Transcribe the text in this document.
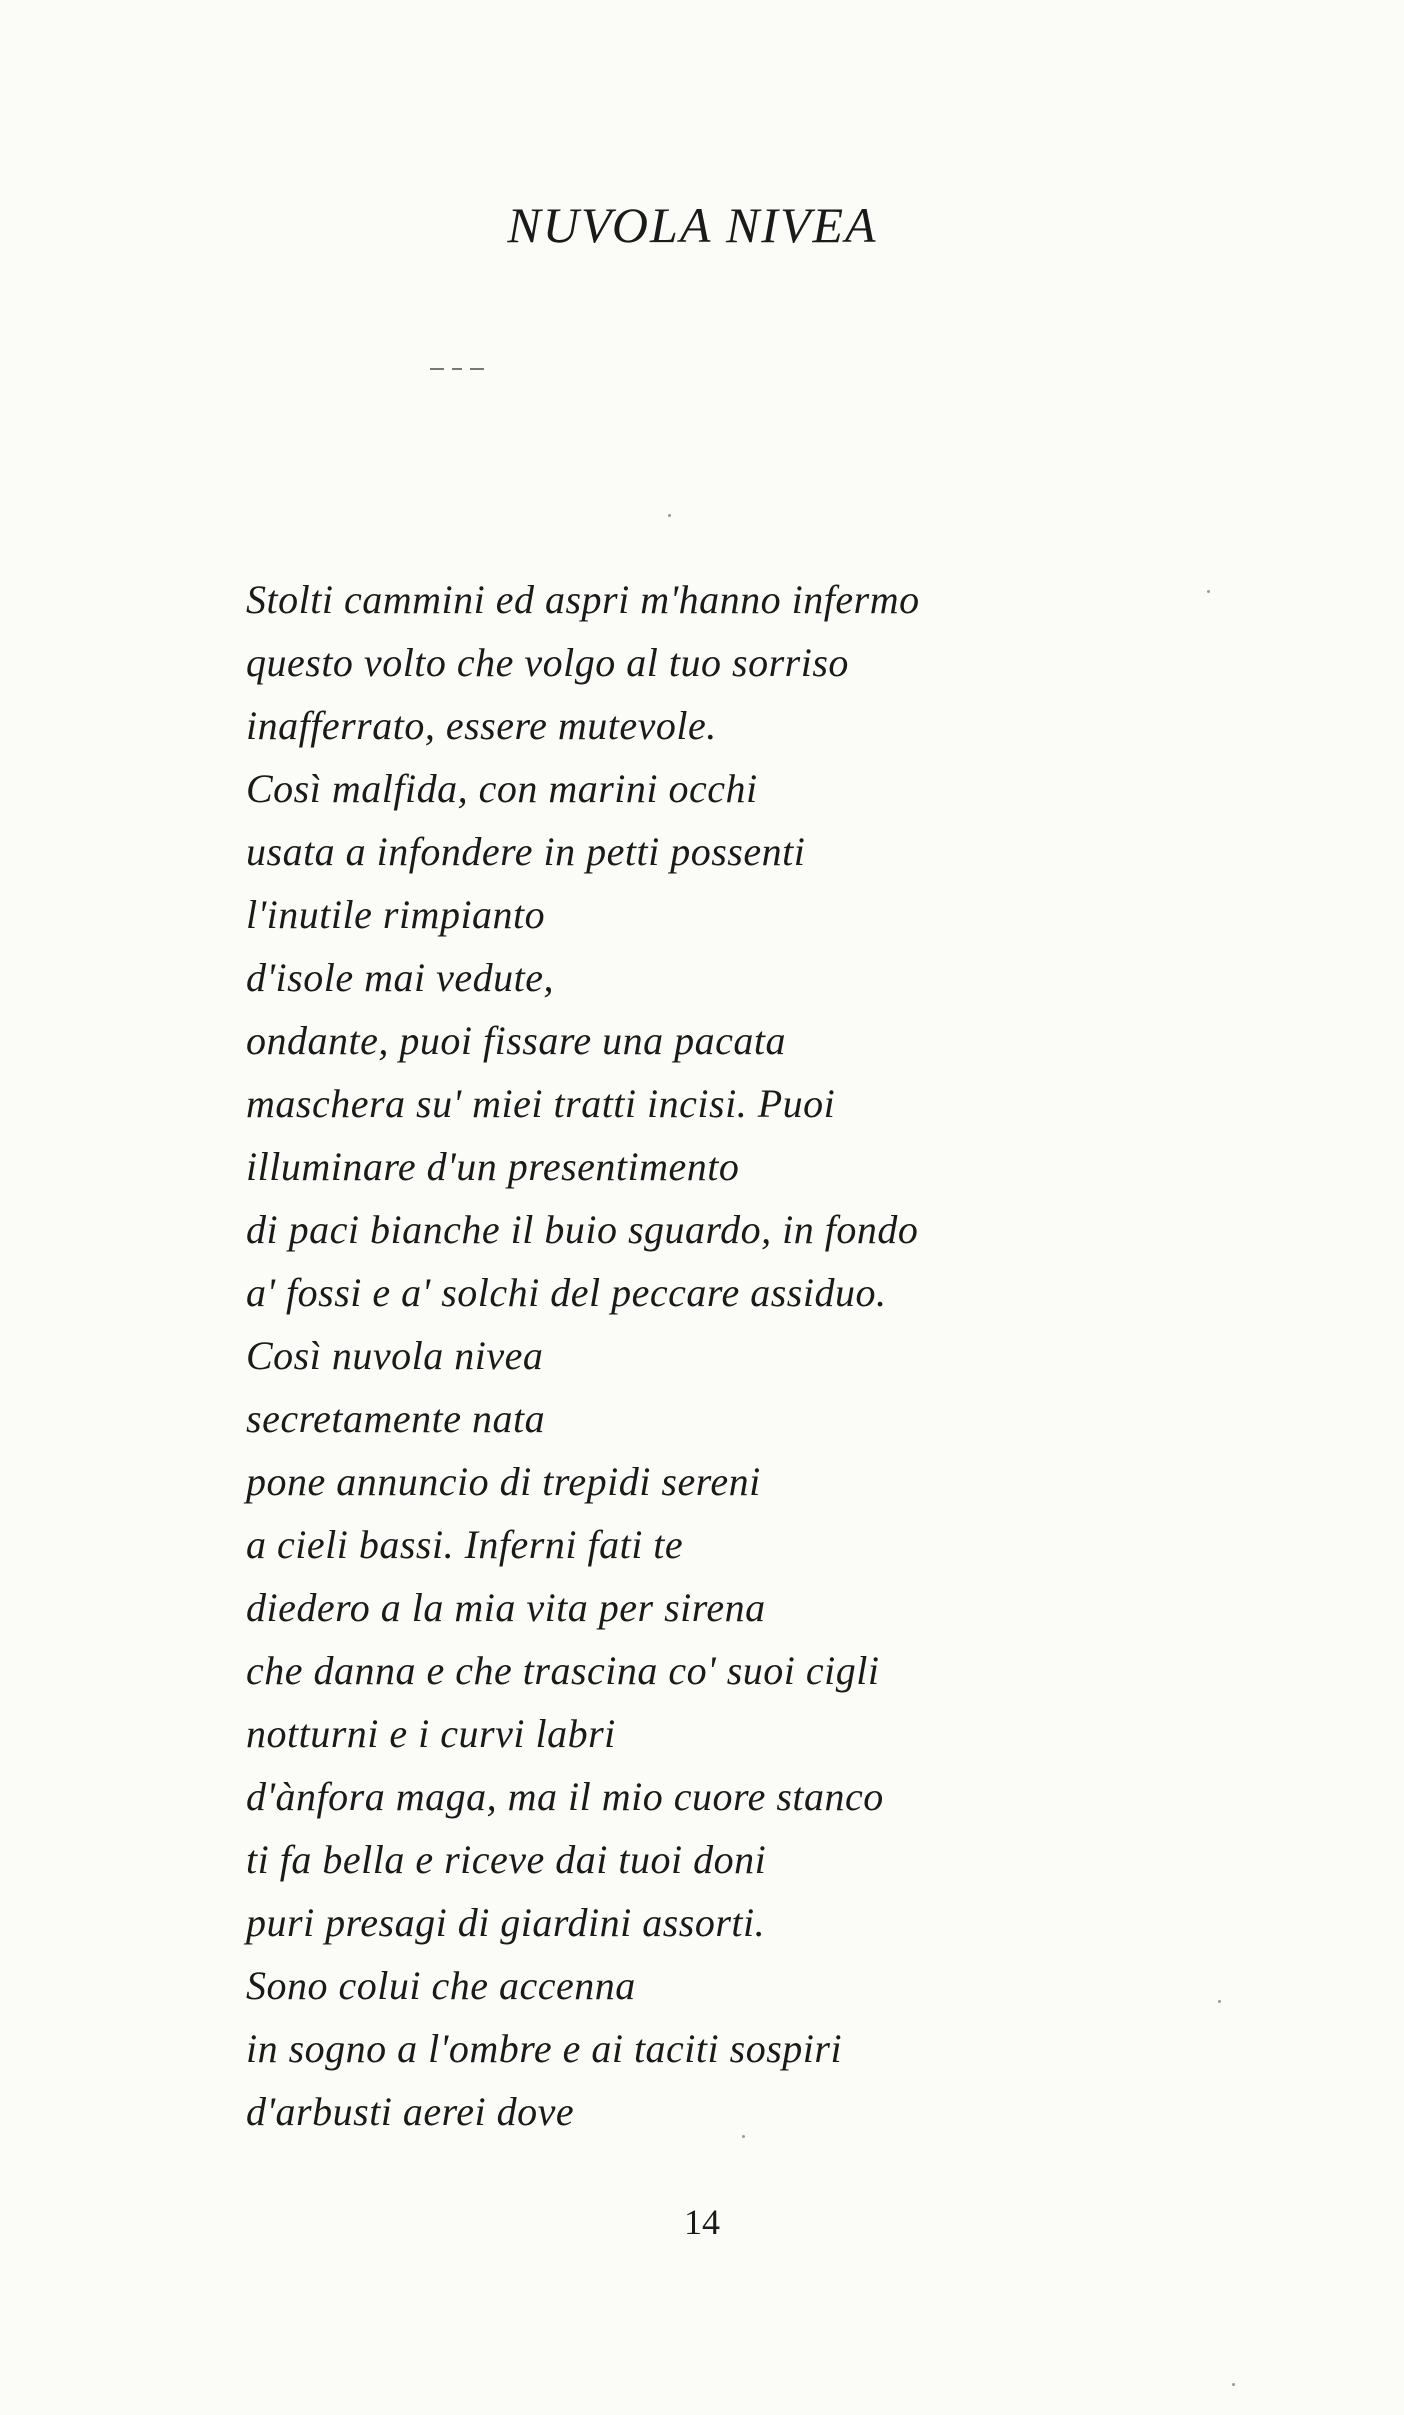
NUVOLA NIVEA
Stolti cammini ed aspri m'hanno infermo
questo volto che volgo al tuo sorriso
inafferrato, essere mutevole.
Così malfida, con marini occhi
usata a infondere in petti possenti
l'inutile rimpianto
d'isole mai vedute,
ondante, puoi fissare una pacata
maschera su' miei tratti incisi. Puoi
illuminare d'un presentimento
di paci bianche il buio sguardo, in fondo
a' fossi e a' solchi del peccare assiduo.
Così nuvola nivea
secretamente nata
pone annuncio di trepidi sereni
a cieli bassi. Inferni fati te
diedero a la mia vita per sirena
che danna e che trascina co' suoi cigli
notturni e i curvi labri
d'ànfora maga, ma il mio cuore stanco
ti fa bella e riceve dai tuoi doni
puri presagi di giardini assorti.
Sono colui che accenna
in sogno a l'ombre e ai taciti sospiri
d'arbusti aerei dove
14
